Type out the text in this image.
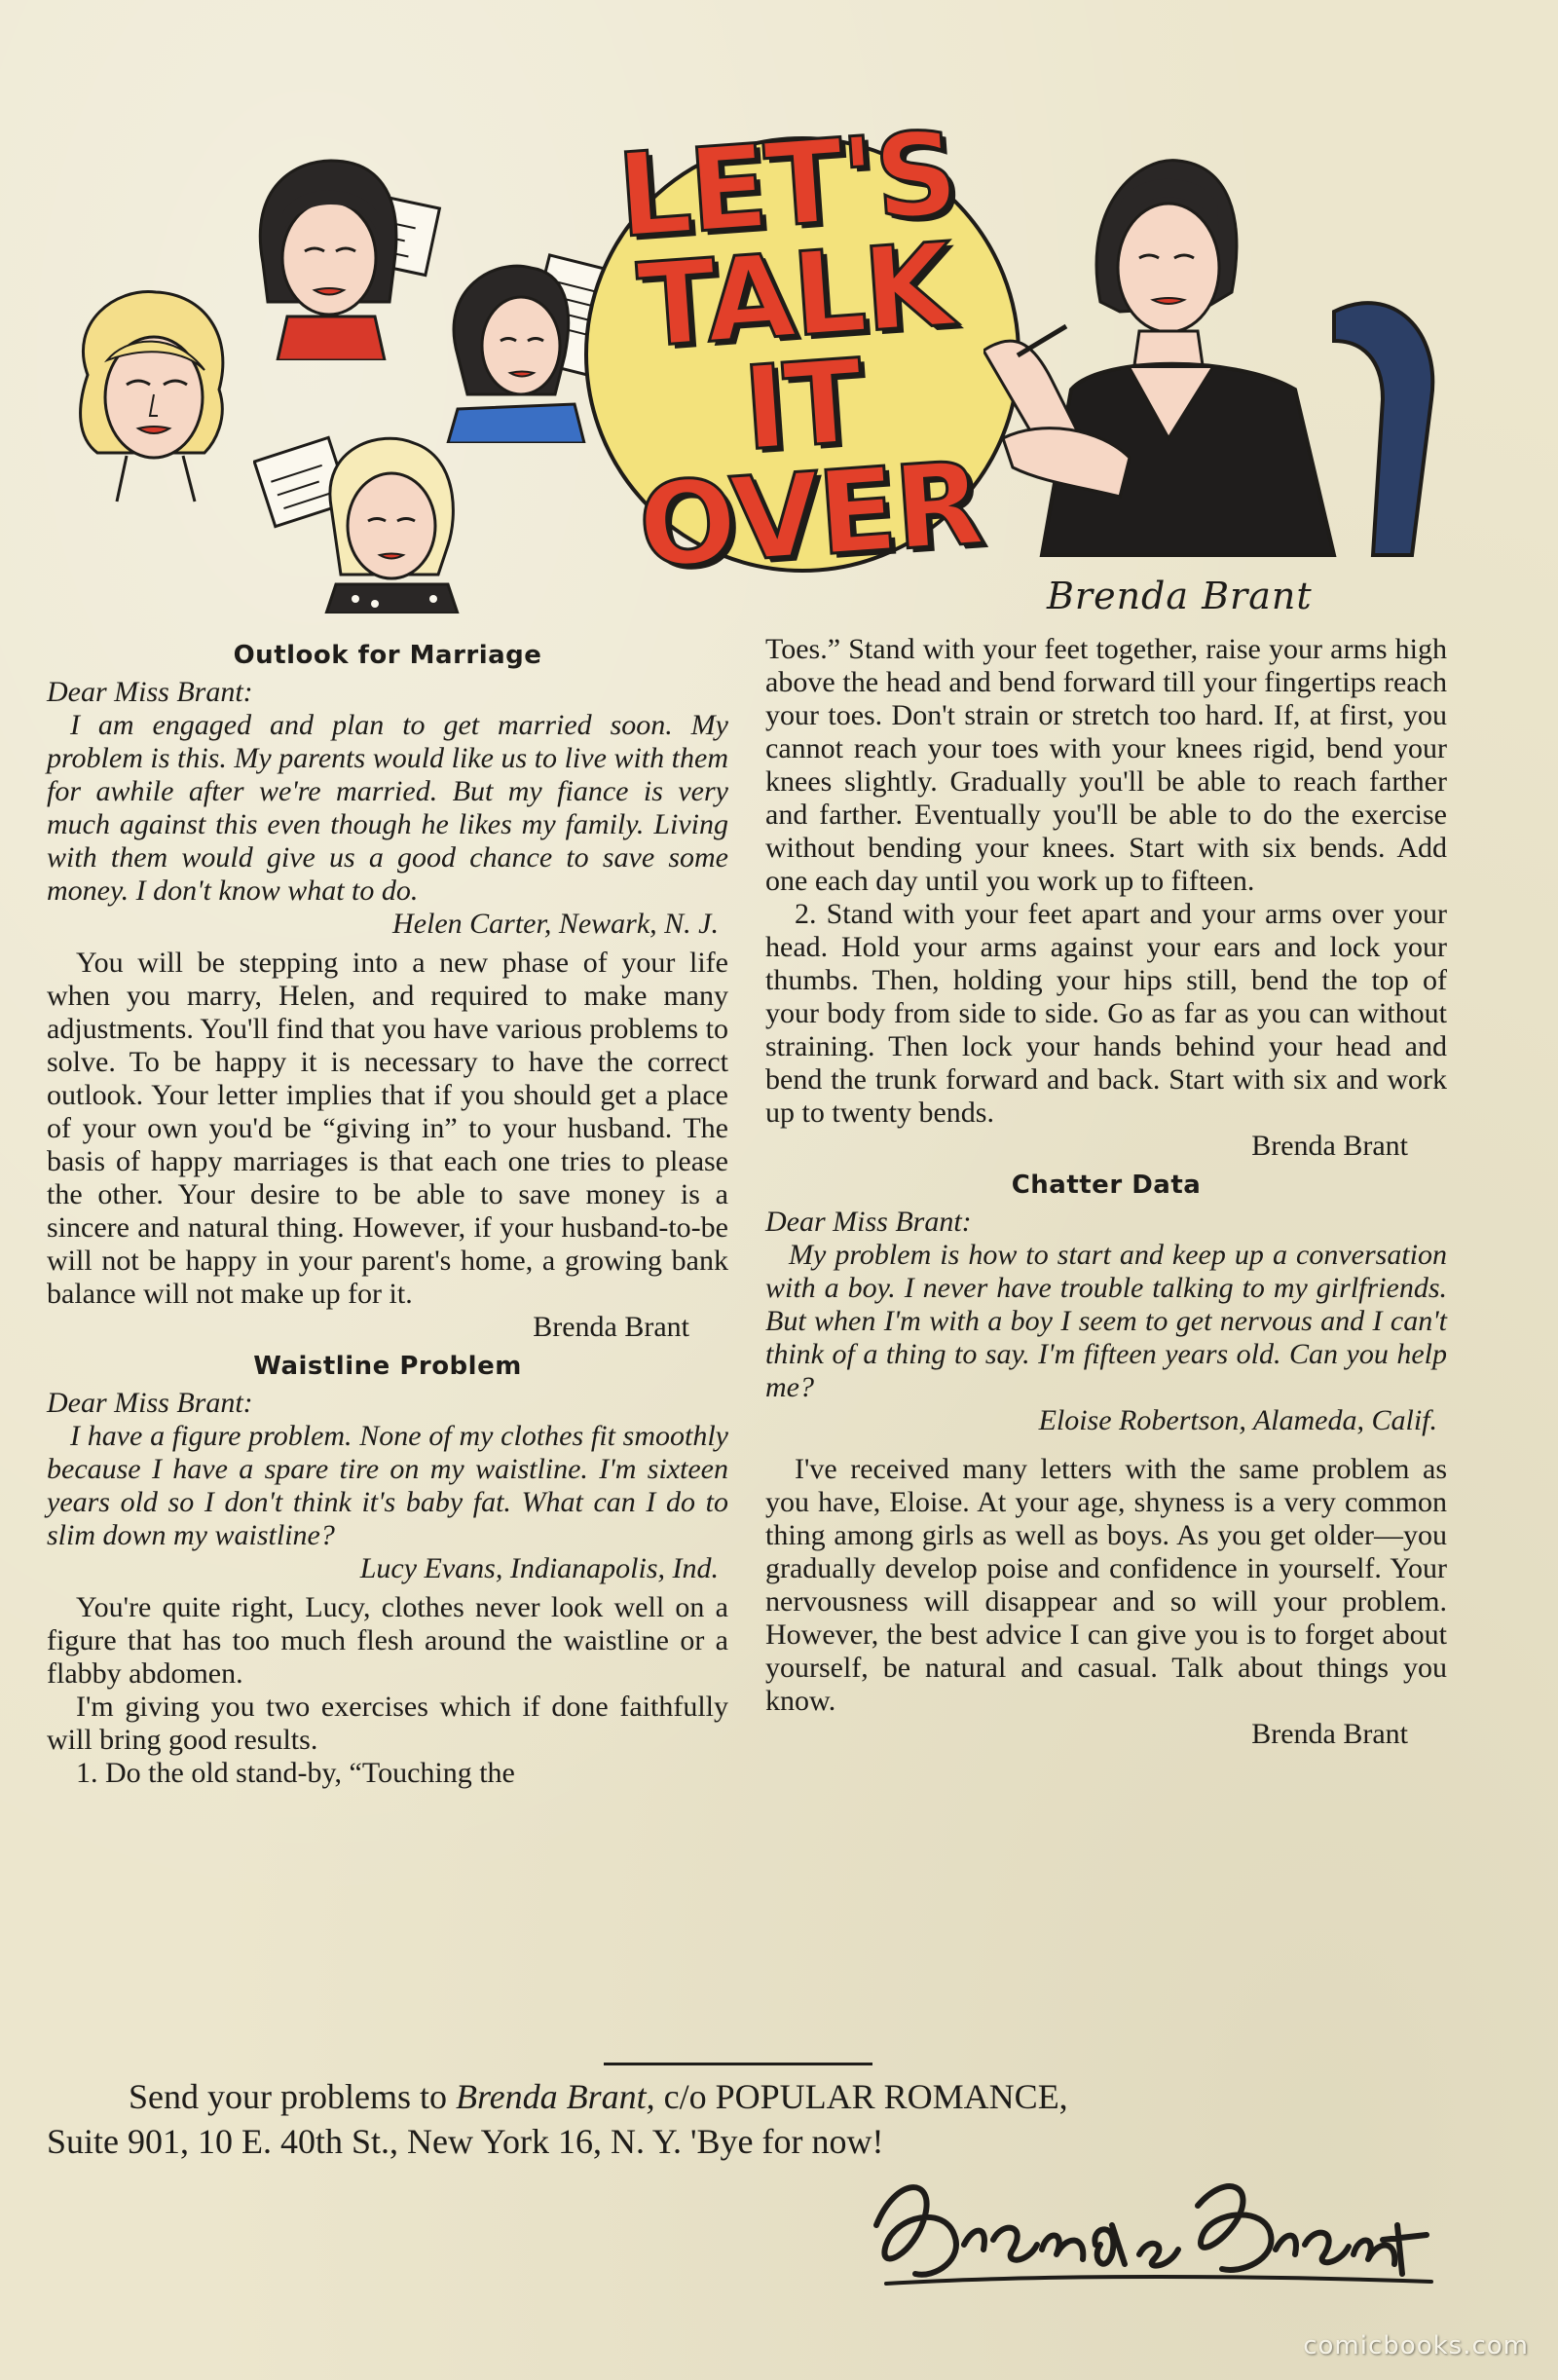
LET'S
TALK
IT
OVER
Brenda Brant
Outlook for Marriage

Dear Miss Brant:

I am engaged and plan to get married soon. My problem is this. My parents would like us to live with them for awhile after we're married. But my fiance is very much against this even though he likes my family. Living with them would give us a good chance to save some money. I don't know what to do.

Helen Carter, Newark, N. J.

You will be stepping into a new phase of your life when you marry, Helen, and required to make many adjustments. You'll find that you have various problems to solve. To be happy it is necessary to have the correct outlook. Your letter implies that if you should get a place of your own you'd be “giving in” to your husband. The basis of happy marriages is that each one tries to please the other. Your desire to be able to save money is a sincere and natural thing. However, if your husband-to-be will not be happy in your parent's home, a growing bank balance will not make up for it.

Brenda Brant

Waistline Problem

Dear Miss Brant:

I have a figure problem. None of my clothes fit smoothly because I have a spare tire on my waistline. I'm sixteen years old so I don't think it's baby fat. What can I do to slim down my waistline?

Lucy Evans, Indianapolis, Ind.

You're quite right, Lucy, clothes never look well on a figure that has too much flesh around the waistline or a flabby abdomen.

I'm giving you two exercises which if done faithfully will bring good results.

1. Do the old stand-by, “Touching the

Toes.” Stand with your feet together, raise your arms high above the head and bend forward till your fingertips reach your toes. Don't strain or stretch too hard. If, at first, you cannot reach your toes with your knees rigid, bend your knees slightly. Gradually you'll be able to reach farther and farther. Eventually you'll be able to do the exercise without bending your knees. Start with six bends. Add one each day until you work up to fifteen.

2. Stand with your feet apart and your arms over your head. Hold your arms against your ears and lock your thumbs. Then, holding your hips still, bend the top of your body from side to side. Go as far as you can without straining. Then lock your hands behind your head and bend the trunk forward and back. Start with six and work up to twenty bends.

Brenda Brant

Chatter Data

Dear Miss Brant:

My problem is how to start and keep up a conversation with a boy. I never have trouble talking to my girlfriends. But when I'm with a boy I seem to get nervous and I can't think of a thing to say. I'm fifteen years old. Can you help me?

Eloise Robertson, Alameda, Calif.

I've received many letters with the same problem as you have, Eloise. At your age, shyness is a very common thing among girls as well as boys. As you get older—you gradually develop poise and confidence in yourself. Your nervousness will disappear and so will your problem. However, the best advice I can give you is to forget about yourself, be natural and casual. Talk about things you know.

Brenda Brant

Send your problems to Brenda Brant, c/o POPULAR ROMANCE,
Suite 901, 10 E. 40th St., New York 16, N. Y. 'Bye for now!
comicbooks.com
